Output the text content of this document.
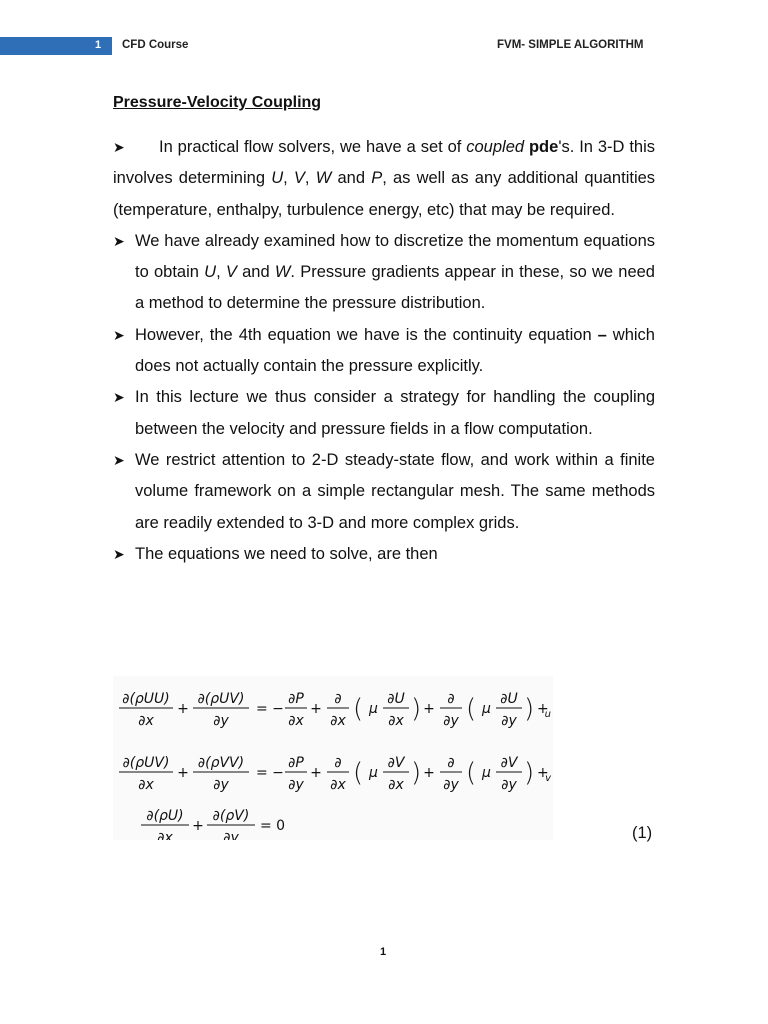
1 CFD Course	FVM- SIMPLE ALGORITHM
Pressure-Velocity Coupling

➤ In practical flow solvers, we have a set of coupled pde's. In 3-D this involves determining U, V, W and P, as well as any additional quantities (temperature, enthalpy, turbulence energy, etc) that may be required.

➤ We have already examined how to discretize the momentum equations to obtain U, V and W. Pressure gradients appear in these, so we need a method to determine the pressure distribution.

➤ However, the 4th equation we have is the continuity equation – which does not actually contain the pressure explicitly.

➤ In this lecture we thus consider a strategy for handling the coupling between the velocity and pressure fields in a flow computation.

➤ We restrict attention to 2-D steady-state flow, and work within a finite volume framework on a simple rectangular mesh. The same methods are readily extended to 3-D and more complex grids.

➤ The equations we need to solve, are then

∂(ρUU)
∂x
+
∂(ρUV)
∂y
= −
∂P
∂x
+
∂
∂x ( μ
∂U
∂x ) +
∂
∂y ( μ
∂U
∂y ) +
u
∂(ρUV)
∂x
+
∂(ρVV)
∂y
= −
∂P
∂y
+
∂
∂x ( μ
∂V
∂x ) +
∂
∂y ( μ
∂V
∂y ) +
v
∂(ρU)
∂x
+
∂(ρV)
∂y
= 0	(1)
1
